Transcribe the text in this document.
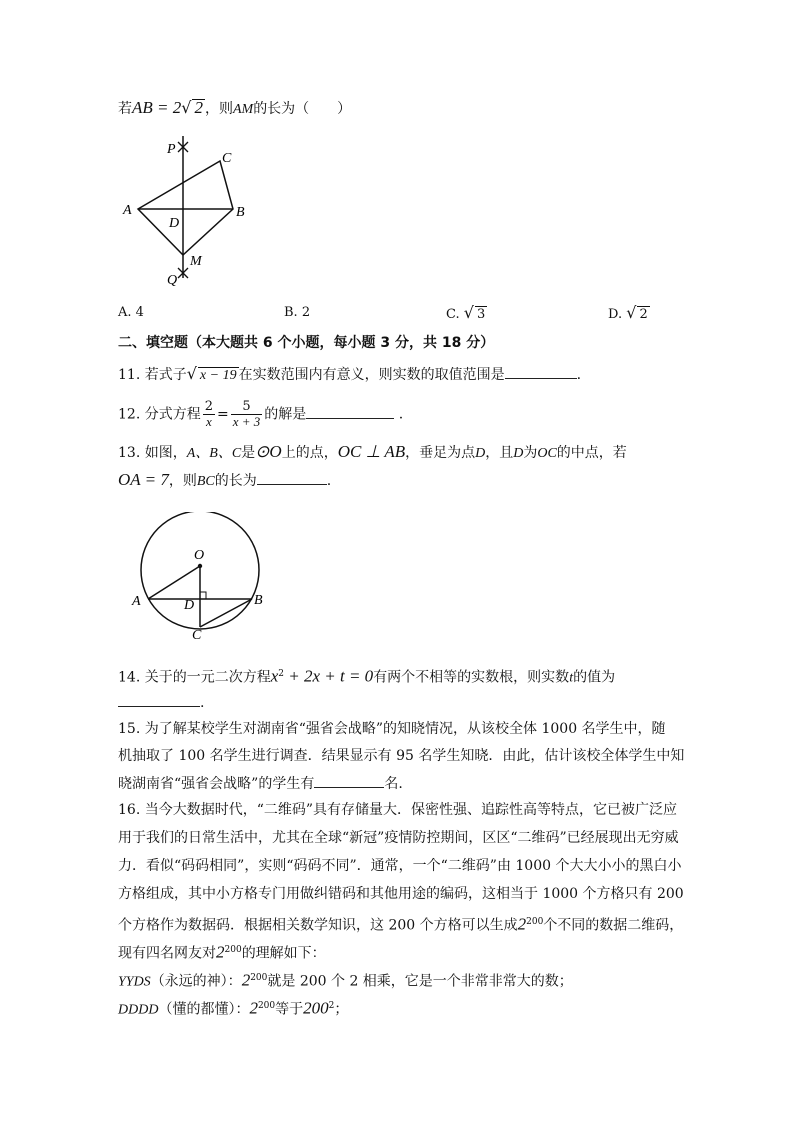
若AB = 2√ 2 ，则AM的长为（　　）
P
C
A
D
B
M
Q
A. 4	B. 2	C. √ 3	D. √ 2
二、填空题（本大题共 6 个小题，每小题 3 分，共 18 分）
11. 若式子√ x − 19 在实数范围内有意义，则实数的取值范围是	.
12. 分式方程 $\frac{2}{x} = \frac{5}{x + 3}$ 的解是	.
13. 如图，A、B、C是⊙O上的点，OC ⊥ AB，垂足为点D，且D为OC的中点，若
OA = 7，则BC的长为	.
O
A	D	B
C
14. 关于的一元二次方程$x^2 + 2x + t = 0$有两个不相等的实数根，则实数t的值为
.
15. 为了解某校学生对湖南省“强省会战略”的知晓情况，从该校全体 1000 名学生中，随
机抽取了 100 名学生进行调查．结果显示有 95 名学生知晓．由此，估计该校全体学生中知
晓湖南省“强省会战略”的学生有	名.
16. 当今大数据时代，“二维码”具有存储量大．保密性强、追踪性高等特点，它已被广泛应
用于我们的日常生活中，尤其在全球“新冠”疫情防控期间，区区“二维码”已经展现出无穷威
力．看似“码码相同”，实则“码码不同”．通常，一个“二维码”由 1000 个大大小小的黑白小
方格组成，其中小方格专门用做纠错码和其他用途的编码，这相当于 1000 个方格只有 200
个方格作为数据码．根据相关数学知识，这 200 个方格可以生成$2^{200}$个不同的数据二维码，
现有四名网友对$2^{200}$的理解如下：
YYDS（永远的神）：$2^{200}$就是 200 个 2 相乘，它是一个非常非常大的数；
DDDD（懂的都懂）：$2^{200}$等于$200^2$；
